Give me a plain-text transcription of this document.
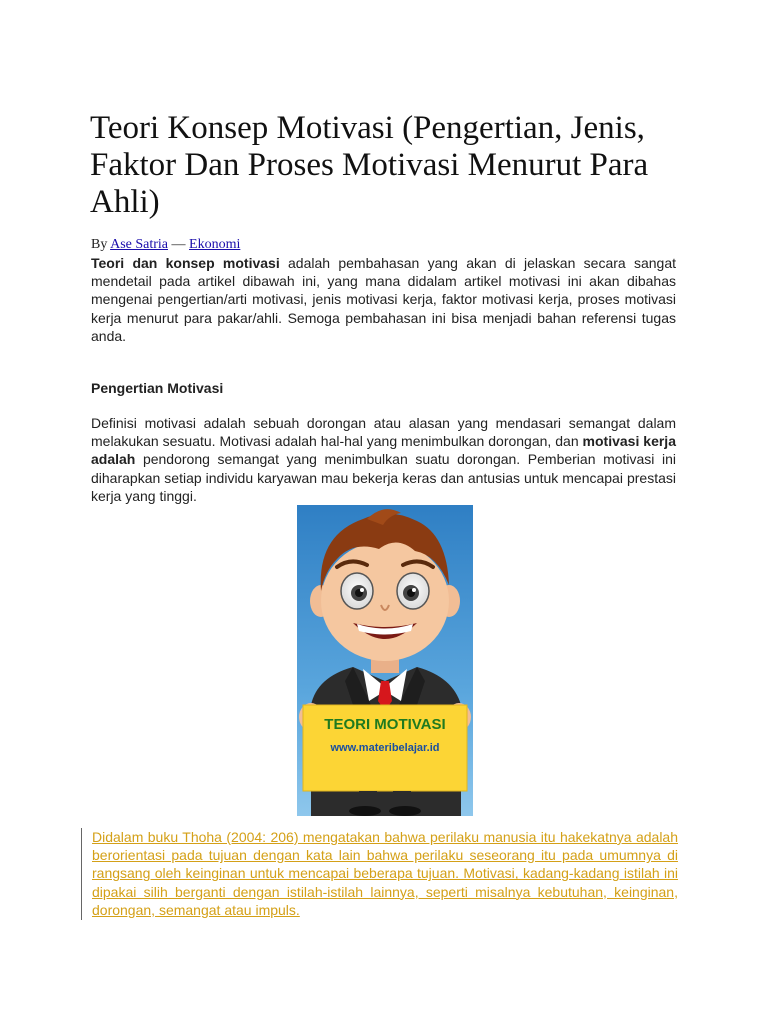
Teori Konsep Motivasi (Pengertian, Jenis, Faktor Dan Proses Motivasi Menurut Para Ahli)
By Ase Satria — Ekonomi

Teori dan konsep motivasi adalah pembahasan yang akan di jelaskan secara sangat mendetail pada artikel dibawah ini, yang mana didalam artikel motivasi ini akan dibahas mengenai pengertian/arti motivasi, jenis motivasi kerja, faktor motivasi kerja, proses motivasi kerja menurut para pakar/ahli. Semoga pembahasan ini bisa menjadi bahan referensi tugas anda.

Pengertian Motivasi

Definisi motivasi adalah sebuah dorongan atau alasan yang mendasari semangat dalam melakukan sesuatu. Motivasi adalah hal-hal yang menimbulkan dorongan, dan motivasi kerja adalah pendorong semangat yang menimbulkan suatu dorongan. Pemberian motivasi ini diharapkan setiap individu karyawan mau bekerja keras dan antusias untuk mencapai prestasi kerja yang tinggi.

TEORI MOTIVASI
www.materibelajar.id

Didalam buku Thoha (2004: 206) mengatakan bahwa perilaku manusia itu hakekatnya adalah berorientasi pada tujuan dengan kata lain bahwa perilaku seseorang itu pada umumnya di rangsang oleh keinginan untuk mencapai beberapa tujuan. Motivasi, kadang-kadang istilah ini dipakai silih berganti dengan istilah-istilah lainnya, seperti misalnya kebutuhan, keinginan, dorongan, semangat atau impuls.
